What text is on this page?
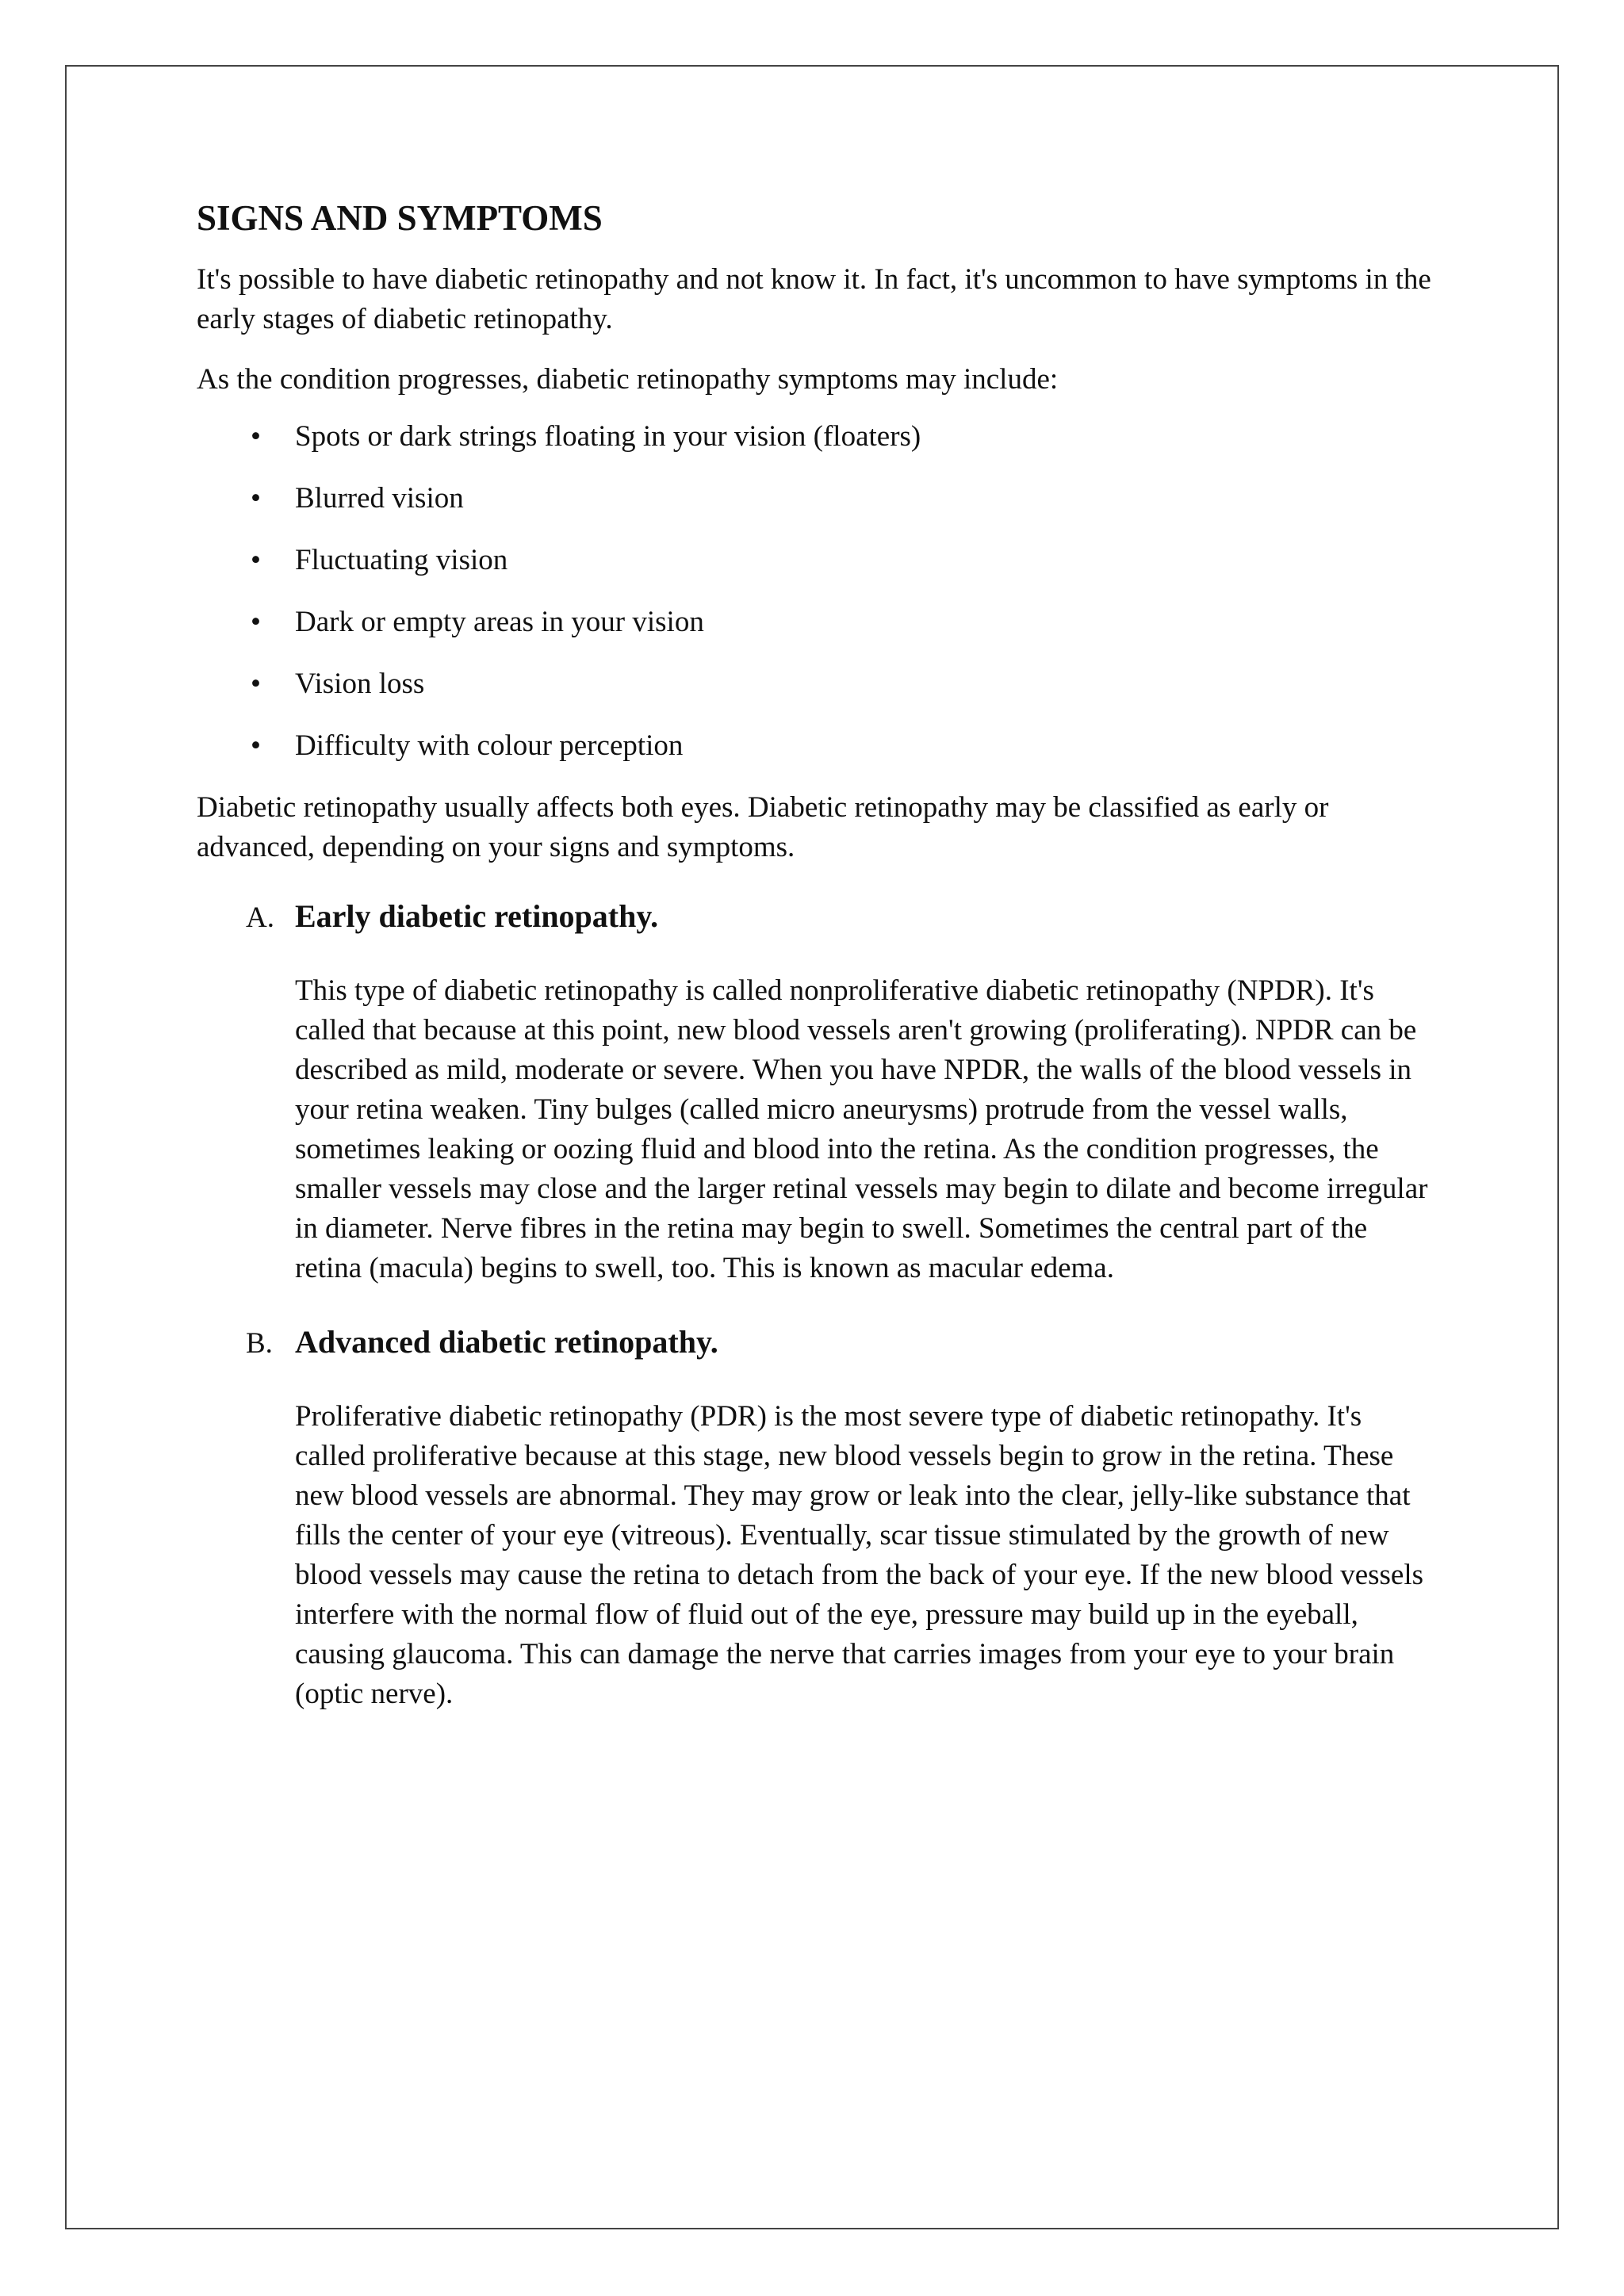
SIGNS AND SYMPTOMS

It's possible to have diabetic retinopathy and not know it. In fact, it's uncommon to have symptoms in the early stages of diabetic retinopathy.

As the condition progresses, diabetic retinopathy symptoms may include:

• Spots or dark strings floating in your vision (floaters)
• Blurred vision
• Fluctuating vision
• Dark or empty areas in your vision
• Vision loss
• Difficulty with colour perception

Diabetic retinopathy usually affects both eyes. Diabetic retinopathy may be classified as early or advanced, depending on your signs and symptoms.

A. Early diabetic retinopathy.

This type of diabetic retinopathy is called nonproliferative diabetic retinopathy (NPDR). It's called that because at this point, new blood vessels aren't growing (proliferating). NPDR can be described as mild, moderate or severe. When you have NPDR, the walls of the blood vessels in your retina weaken. Tiny bulges (called micro aneurysms) protrude from the vessel walls, sometimes leaking or oozing fluid and blood into the retina. As the condition progresses, the smaller vessels may close and the larger retinal vessels may begin to dilate and become irregular in diameter. Nerve fibres in the retina may begin to swell. Sometimes the central part of the retina (macula) begins to swell, too. This is known as macular edema.

B. Advanced diabetic retinopathy.

Proliferative diabetic retinopathy (PDR) is the most severe type of diabetic retinopathy. It's called proliferative because at this stage, new blood vessels begin to grow in the retina. These new blood vessels are abnormal. They may grow or leak into the clear, jelly-like substance that fills the center of your eye (vitreous). Eventually, scar tissue stimulated by the growth of new blood vessels may cause the retina to detach from the back of your eye. If the new blood vessels interfere with the normal flow of fluid out of the eye, pressure may build up in the eyeball, causing glaucoma. This can damage the nerve that carries images from your eye to your brain (optic nerve).
